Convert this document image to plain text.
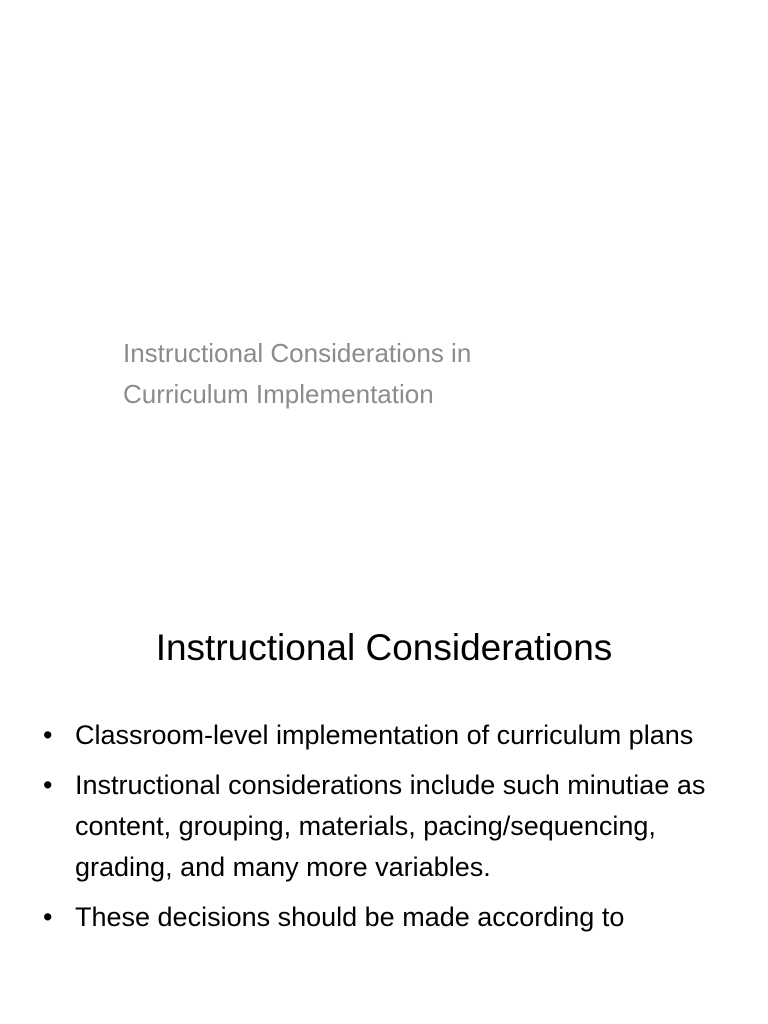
Instructional Considerations in
Curriculum Implementation
Instructional Considerations
• Classroom-level implementation of curriculum plans
• Instructional considerations include such minutiae as content, grouping, materials, pacing/sequencing, grading, and many more variables.
• These decisions should be made according to
